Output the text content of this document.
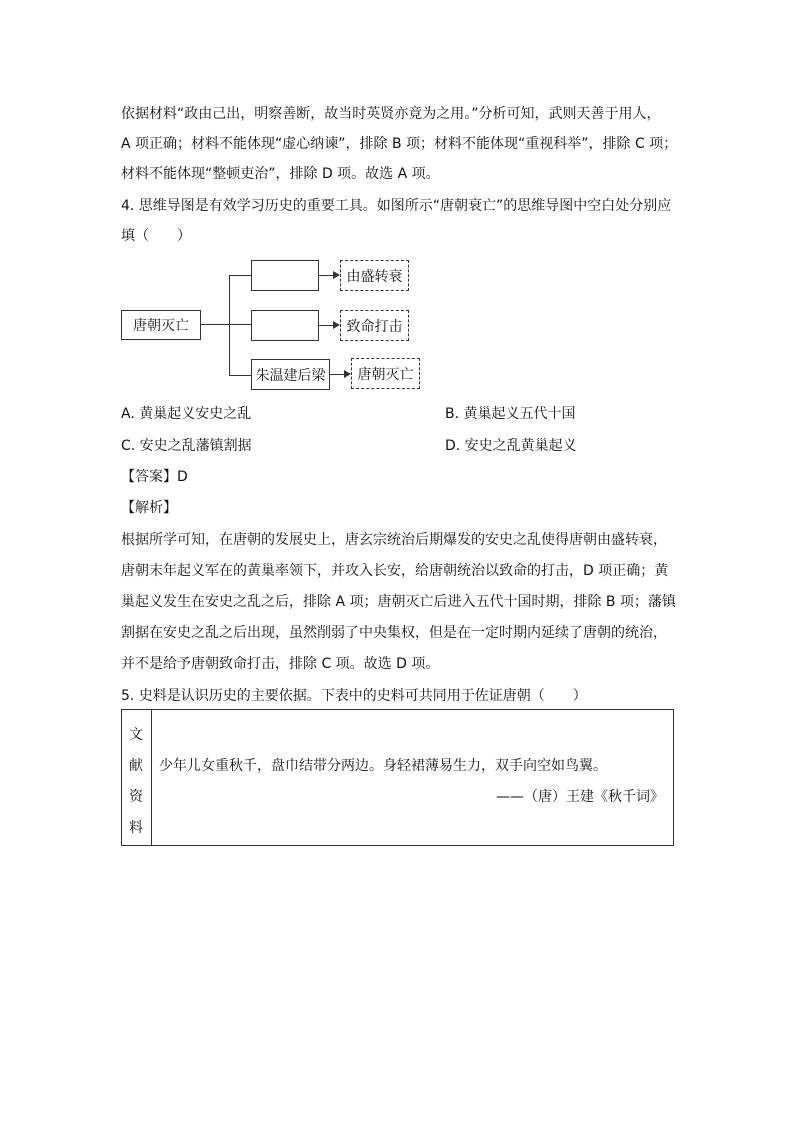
依据材料“政由己出，明察善断，故当时英贤亦竟为之用。”分析可知，武则天善于用人，
A 项正确；材料不能体现“虚心纳谏”，排除 B 项；材料不能体现“重视科举”，排除 C 项；
材料不能体现“整顿吏治”，排除 D 项。故选 A 项。
4. 思维导图是有效学习历史的重要工具。如图所示“唐朝衰亡”的思维导图中空白处分别应
填（　　）
唐朝灭亡
朱温建后梁
由盛转衰
致命打击
唐朝灭亡
A. 黄巢起义安史之乱	B. 黄巢起义五代十国
C. 安史之乱藩镇割据	D. 安史之乱黄巢起义
【答案】D
【解析】
根据所学可知，在唐朝的发展史上，唐玄宗统治后期爆发的安史之乱使得唐朝由盛转衰，
唐朝末年起义军在的黄巢率领下，并攻入长安，给唐朝统治以致命的打击，D 项正确；黄
巢起义发生在安史之乱之后，排除 A 项；唐朝灭亡后进入五代十国时期，排除 B 项；藩镇
割据在安史之乱之后出现，虽然削弱了中央集权，但是在一定时期内延续了唐朝的统治，
并不是给予唐朝致命打击，排除 C 项。故选 D 项。
5. 史料是认识历史的主要依据。下表中的史料可共同用于佐证唐朝（　　）
文
献
资
料
少年儿女重秋千，盘巾结带分两边。身轻裙薄易生力，双手向空如鸟翼。
——（唐）王建《秋千词》
